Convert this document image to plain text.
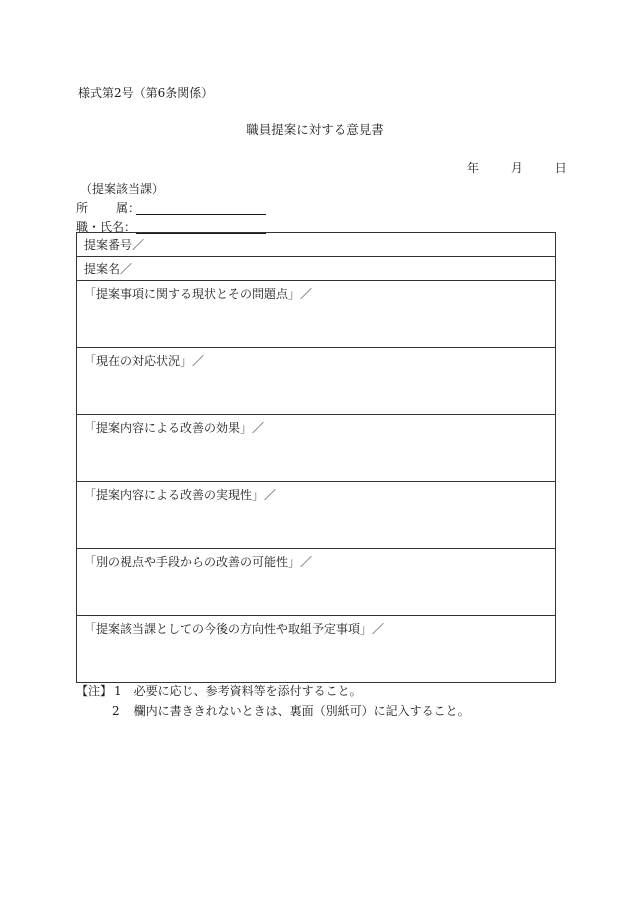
様式第2号（第6条関係）
職員提案に対する意見書
年	月	日
（提案該当課）
所 属：
職・氏名：
提案番号／
提案名／
「提案事項に関する現状とその問題点」／
「現在の対応状況」／
「提案内容による改善の効果」／
「提案内容による改善の実現性」／
「別の視点や手段からの改善の可能性」／
「提案該当課としての今後の方向性や取組予定事項」／
【注】 1 必要に応じ、参考資料等を添付すること。
2 欄内に書ききれないときは、裏面（別紙可）に記入すること。
